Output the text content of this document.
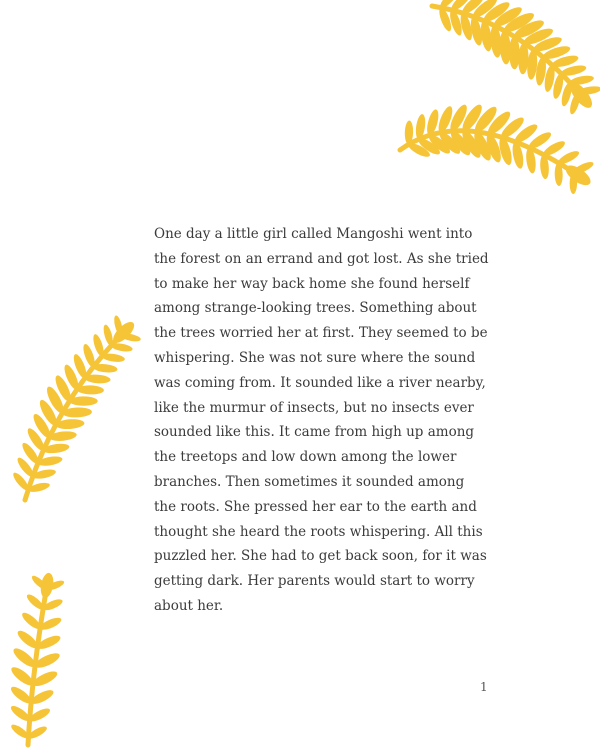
One day a little girl called Mangoshi went into
the forest on an errand and got lost. As she tried
to make her way back home she found herself
among strange-looking trees. Something about
the trees worried her at first. They seemed to be
whispering. She was not sure where the sound
was coming from. It sounded like a river nearby,
like the murmur of insects, but no insects ever
sounded like this. It came from high up among
the treetops and low down among the lower
branches. Then sometimes it sounded among
the roots. She pressed her ear to the earth and
thought she heard the roots whispering. All this
puzzled her. She had to get back soon, for it was
getting dark. Her parents would start to worry
about her.

1
